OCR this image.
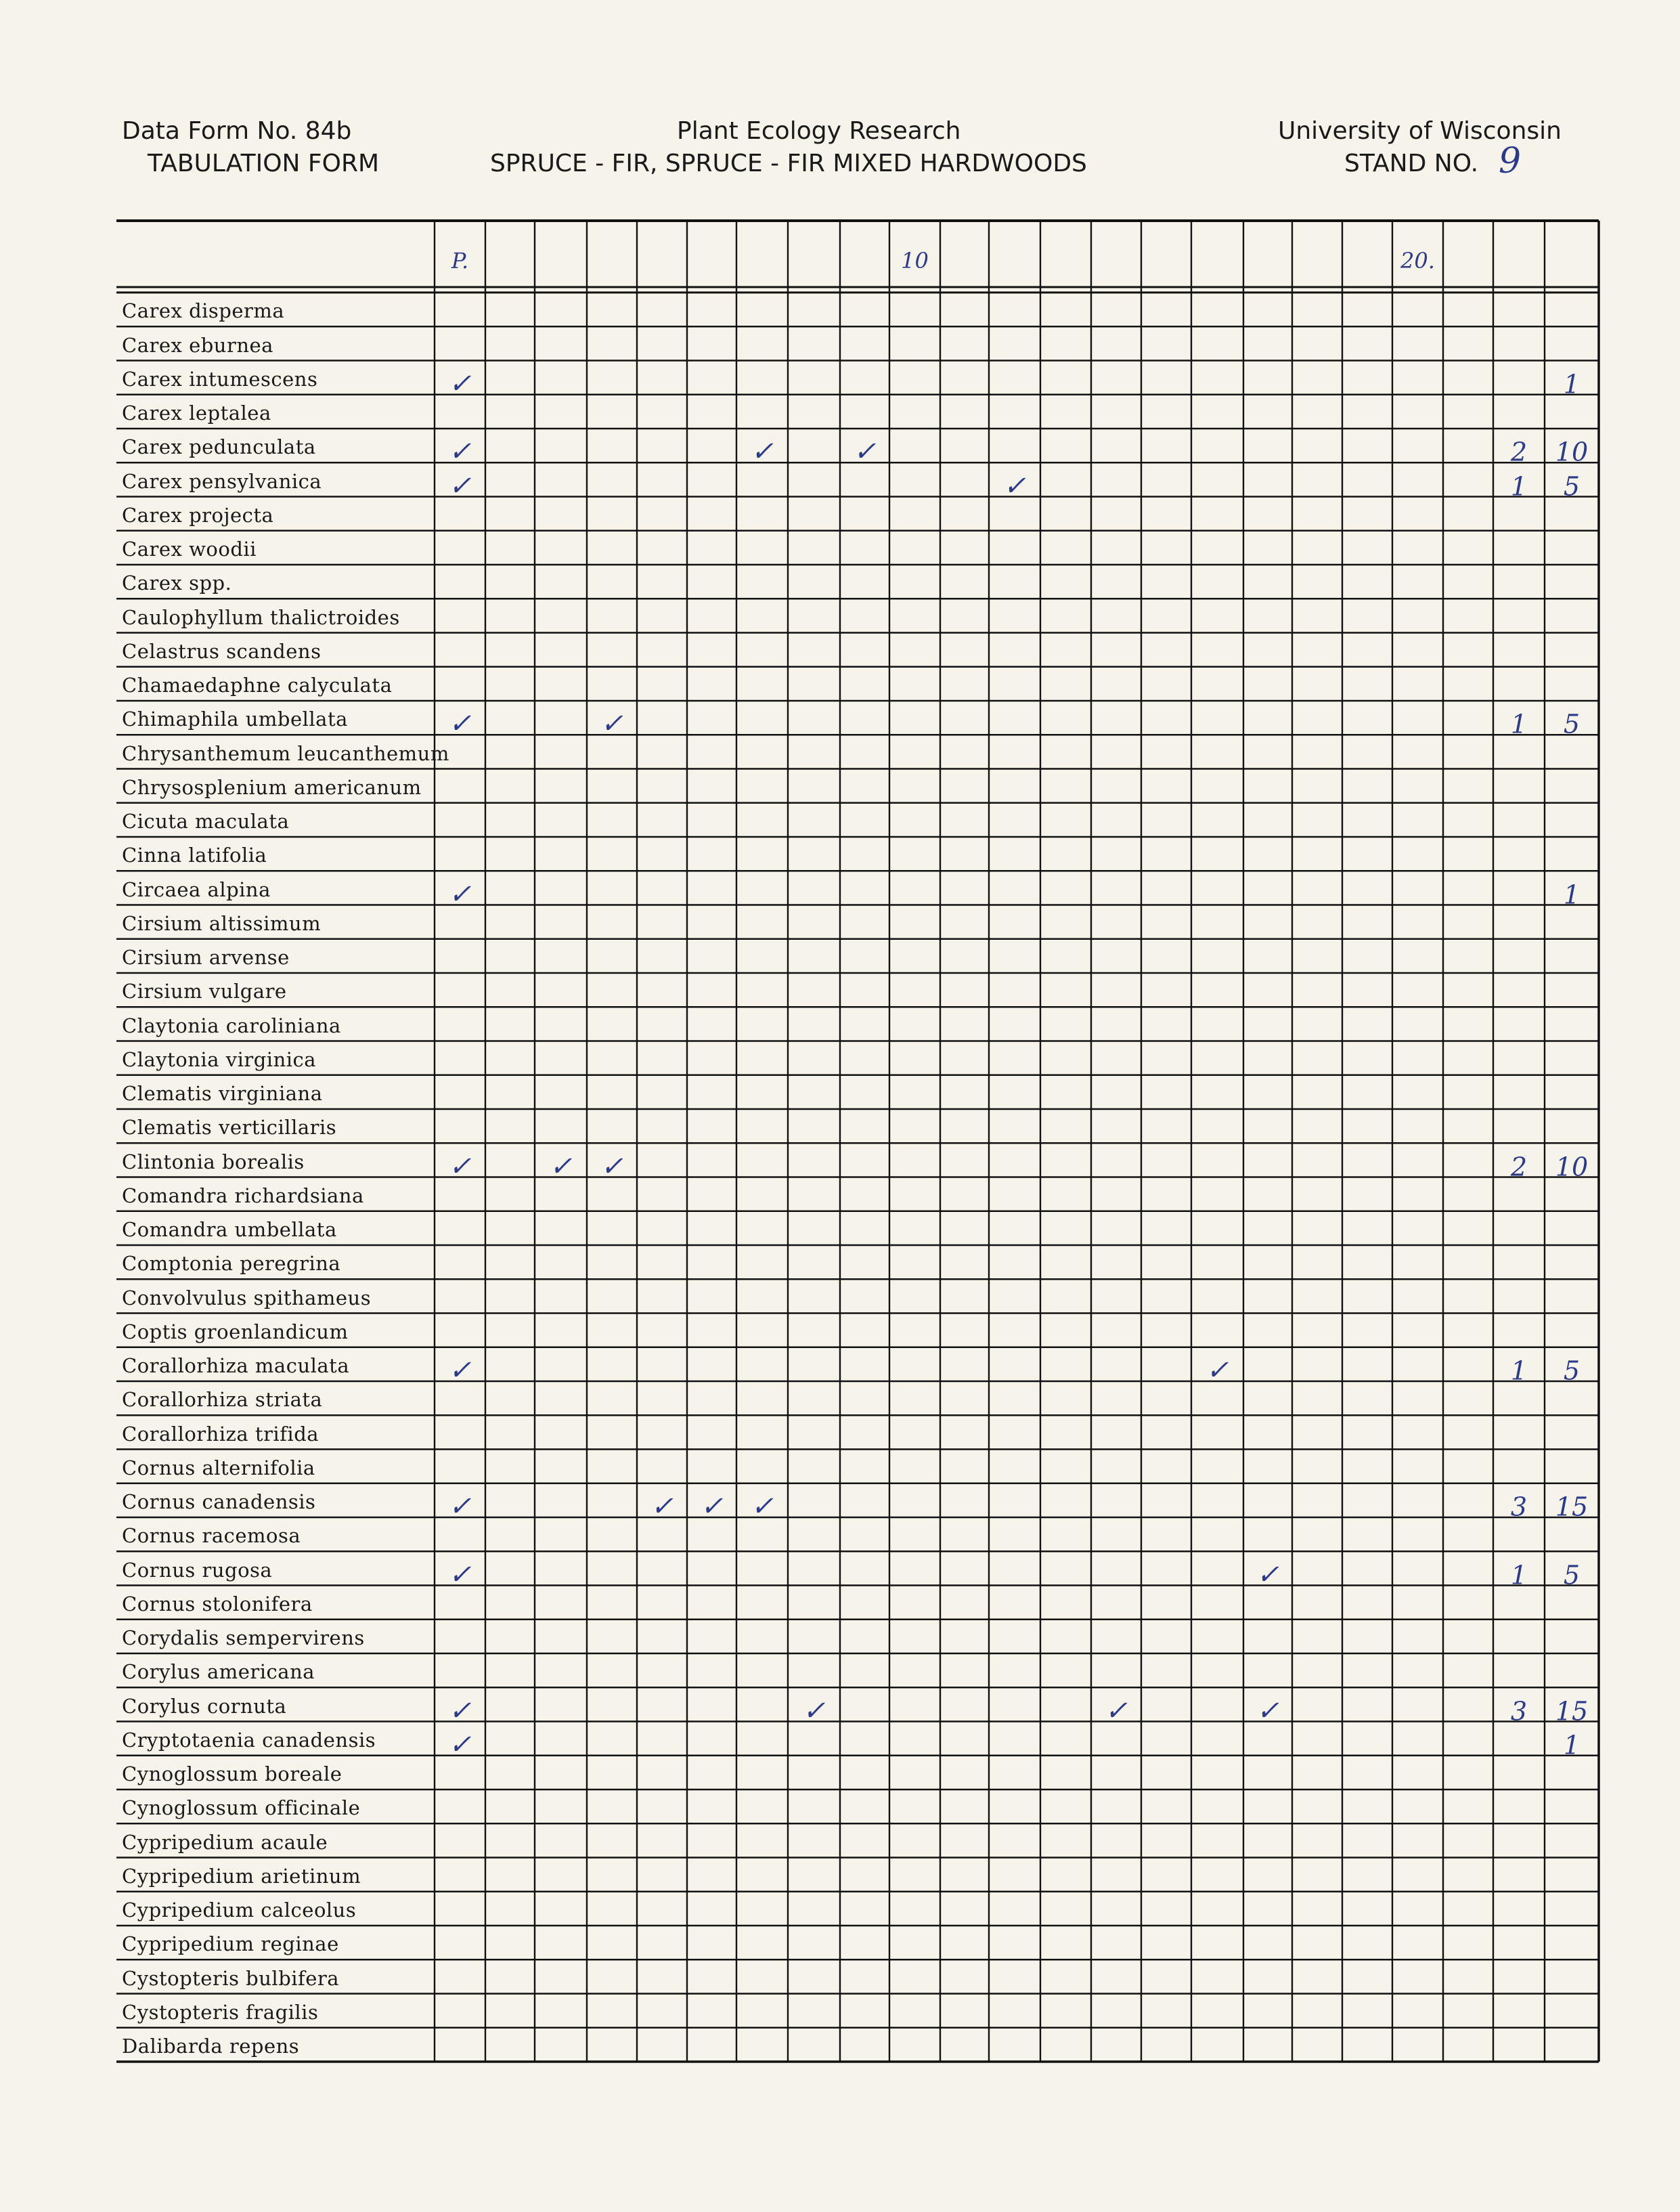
Data Form No. 84b
TABULATION FORM
Plant Ecology Research
SPRUCE - FIR, SPRUCE - FIR MIXED HARDWOODS
University of Wisconsin
STAND NO. 9
Carex disperma
Carex eburnea
Carex intumescens	✓	1
Carex leptalea
Carex pedunculata	✓	✓	✓	2 10
Carex pensylvanica	✓	✓	1 5
Carex projecta
Carex woodii
Carex spp.
Caulophyllum thalictroides
Celastrus scandens
Chamaedaphne calyculata
Chimaphila umbellata	✓	✓	1 5
Chrysanthemum leucanthemum
Chrysosplenium americanum
Cicuta maculata
Cinna latifolia
Circaea alpina	✓	1
Cirsium altissimum
Cirsium arvense
Cirsium vulgare
Claytonia caroliniana
Claytonia virginica
Clematis virginiana
Clematis verticillaris
Clintonia borealis	✓	✓ ✓	2 10
Comandra richardsiana
Comandra umbellata
Comptonia peregrina
Convolvulus spithameus
Coptis groenlandicum
Corallorhiza maculata	✓	✓	1 5
Corallorhiza striata
Corallorhiza trifida
Cornus alternifolia
Cornus canadensis	✓	✓ ✓ ✓	3 15
Cornus racemosa
Cornus rugosa	✓	✓	1 5
Cornus stolonifera
Corydalis sempervirens
Corylus americana
Corylus cornuta	✓	✓	✓	✓	3 15
Cryptotaenia canadensis	✓	1
Cynoglossum boreale
Cynoglossum officinale
Cypripedium acaule
Cypripedium arietinum
Cypripedium calceolus
Cypripedium reginae
Cystopteris bulbifera
Cystopteris fragilis
Dalibarda repens
P.	10	20.
